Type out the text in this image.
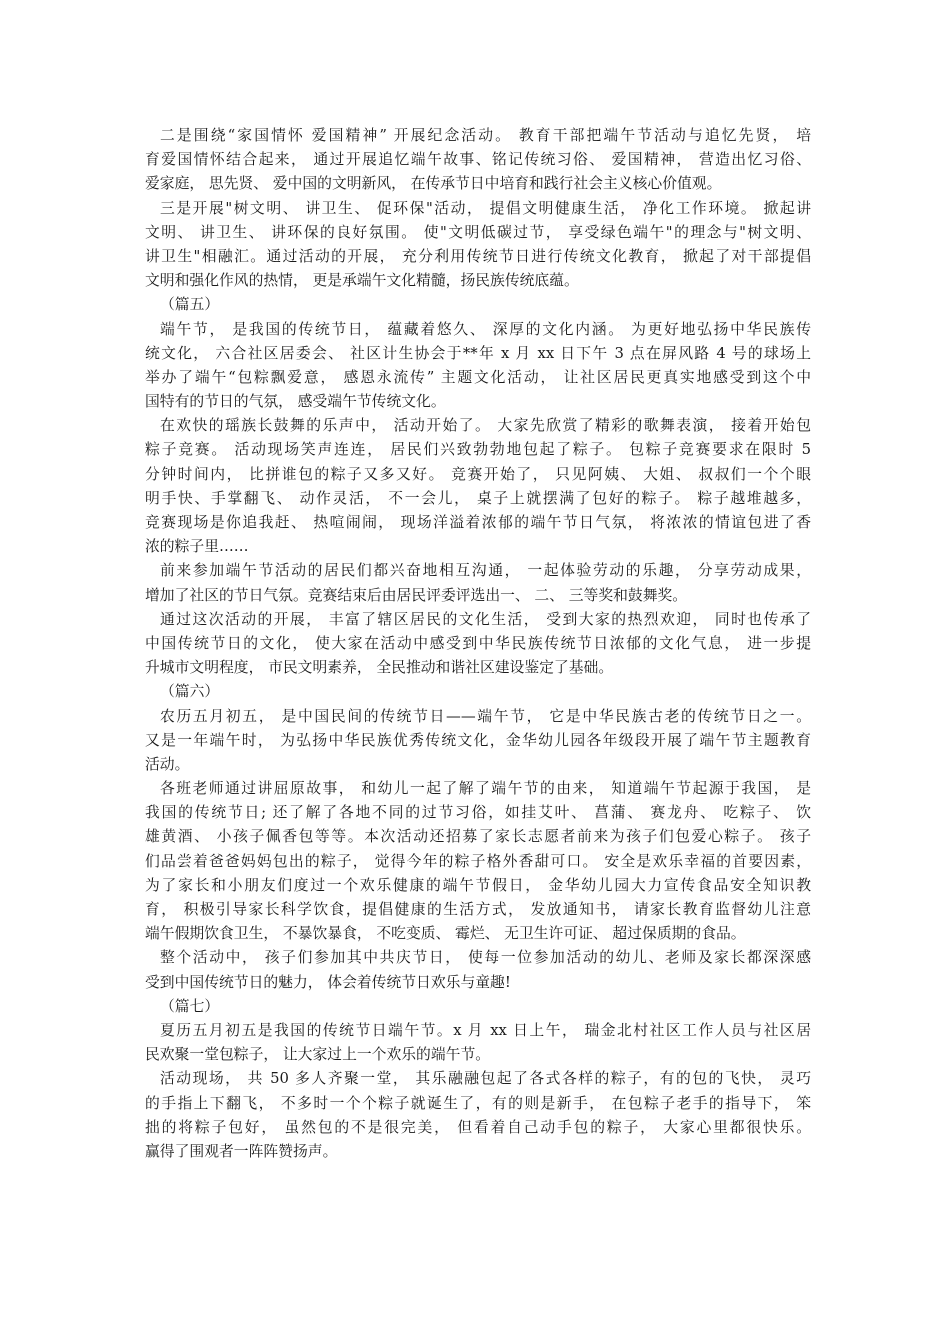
二是围绕“家国情怀 爱国精神” 开展纪念活动。 教育干部把端午节活动与追忆先贤， 培
育爱国情怀结合起来， 通过开展追忆端午故事、铭记传统习俗、 爱国精神， 营造出忆习俗、
爱家庭， 思先贤、 爱中国的文明新风， 在传承节日中培育和践行社会主义核心价值观。
三是开展"树文明、 讲卫生、 促环保"活动， 提倡文明健康生活， 净化工作环境。 掀起讲
文明、 讲卫生、 讲环保的良好氛围。 使"文明低碳过节， 享受绿色端午"的理念与"树文明、
讲卫生"相融汇。通过活动的开展， 充分利用传统节日进行传统文化教育， 掀起了对干部提倡
文明和强化作风的热情， 更是承端午文化精髓，扬民族传统底蕴。
（篇五）
端午节， 是我国的传统节日， 蕴藏着悠久、 深厚的文化内涵。 为更好地弘扬中华民族传
统文化， 六合社区居委会、 社区计生协会于**年 x 月 xx 日下午 3 点在屏风路 4 号的球场上
举办了端午“包粽飘爱意， 感恩永流传” 主题文化活动， 让社区居民更真实地感受到这个中
国特有的节日的气氛， 感受端午节传统文化。
在欢快的瑶族长鼓舞的乐声中， 活动开始了。 大家先欣赏了精彩的歌舞表演， 接着开始包
粽子竞赛。 活动现场笑声连连， 居民们兴致勃勃地包起了粽子。 包粽子竞赛要求在限时 5
分钟时间内， 比拼谁包的粽子又多又好。 竞赛开始了， 只见阿姨、 大姐、 叔叔们一个个眼
明手快、手掌翻飞、 动作灵活， 不一会儿， 桌子上就摆满了包好的粽子。 粽子越堆越多，
竞赛现场是你追我赶、 热喧闹闹， 现场洋溢着浓郁的端午节日气氛， 将浓浓的情谊包进了香
浓的粽子里……
前来参加端午节活动的居民们都兴奋地相互沟通， 一起体验劳动的乐趣， 分享劳动成果，
增加了社区的节日气氛。竞赛结束后由居民评委评选出一、 二、 三等奖和鼓舞奖。
通过这次活动的开展， 丰富了辖区居民的文化生活， 受到大家的热烈欢迎， 同时也传承了
中国传统节日的文化， 使大家在活动中感受到中华民族传统节日浓郁的文化气息， 进一步提
升城市文明程度， 市民文明素养， 全民推动和谐社区建设鉴定了基础。
（篇六）
农历五月初五， 是中国民间的传统节日——端午节， 它是中华民族古老的传统节日之一。
又是一年端午时， 为弘扬中华民族优秀传统文化，金华幼儿园各年级段开展了端午节主题教育
活动。
各班老师通过讲屈原故事， 和幼儿一起了解了端午节的由来， 知道端午节起源于我国， 是
我国的传统节日; 还了解了各地不同的过节习俗，如挂艾叶、 菖蒲、 赛龙舟、 吃粽子、 饮
雄黄酒、 小孩子佩香包等等。本次活动还招募了家长志愿者前来为孩子们包爱心粽子。 孩子
们品尝着爸爸妈妈包出的粽子， 觉得今年的粽子格外香甜可口。 安全是欢乐幸福的首要因素，
为了家长和小朋友们度过一个欢乐健康的端午节假日， 金华幼儿园大力宣传食品安全知识教
育， 积极引导家长科学饮食，提倡健康的生活方式， 发放通知书， 请家长教育监督幼儿注意
端午假期饮食卫生， 不暴饮暴食， 不吃变质、 霉烂、 无卫生许可证、 超过保质期的食品。
整个活动中， 孩子们参加其中共庆节日， 使每一位参加活动的幼儿、老师及家长都深深感
受到中国传统节日的魅力， 体会着传统节日欢乐与童趣!
（篇七）
夏历五月初五是我国的传统节日端午节。x 月 xx 日上午， 瑞金北村社区工作人员与社区居
民欢聚一堂包粽子， 让大家过上一个欢乐的端午节。
活动现场， 共 50 多人齐聚一堂， 其乐融融包起了各式各样的粽子，有的包的飞快， 灵巧
的手指上下翻飞， 不多时一个个粽子就诞生了，有的则是新手， 在包粽子老手的指导下， 笨
拙的将粽子包好， 虽然包的不是很完美， 但看着自己动手包的粽子， 大家心里都很快乐。
赢得了围观者一阵阵赞扬声。
